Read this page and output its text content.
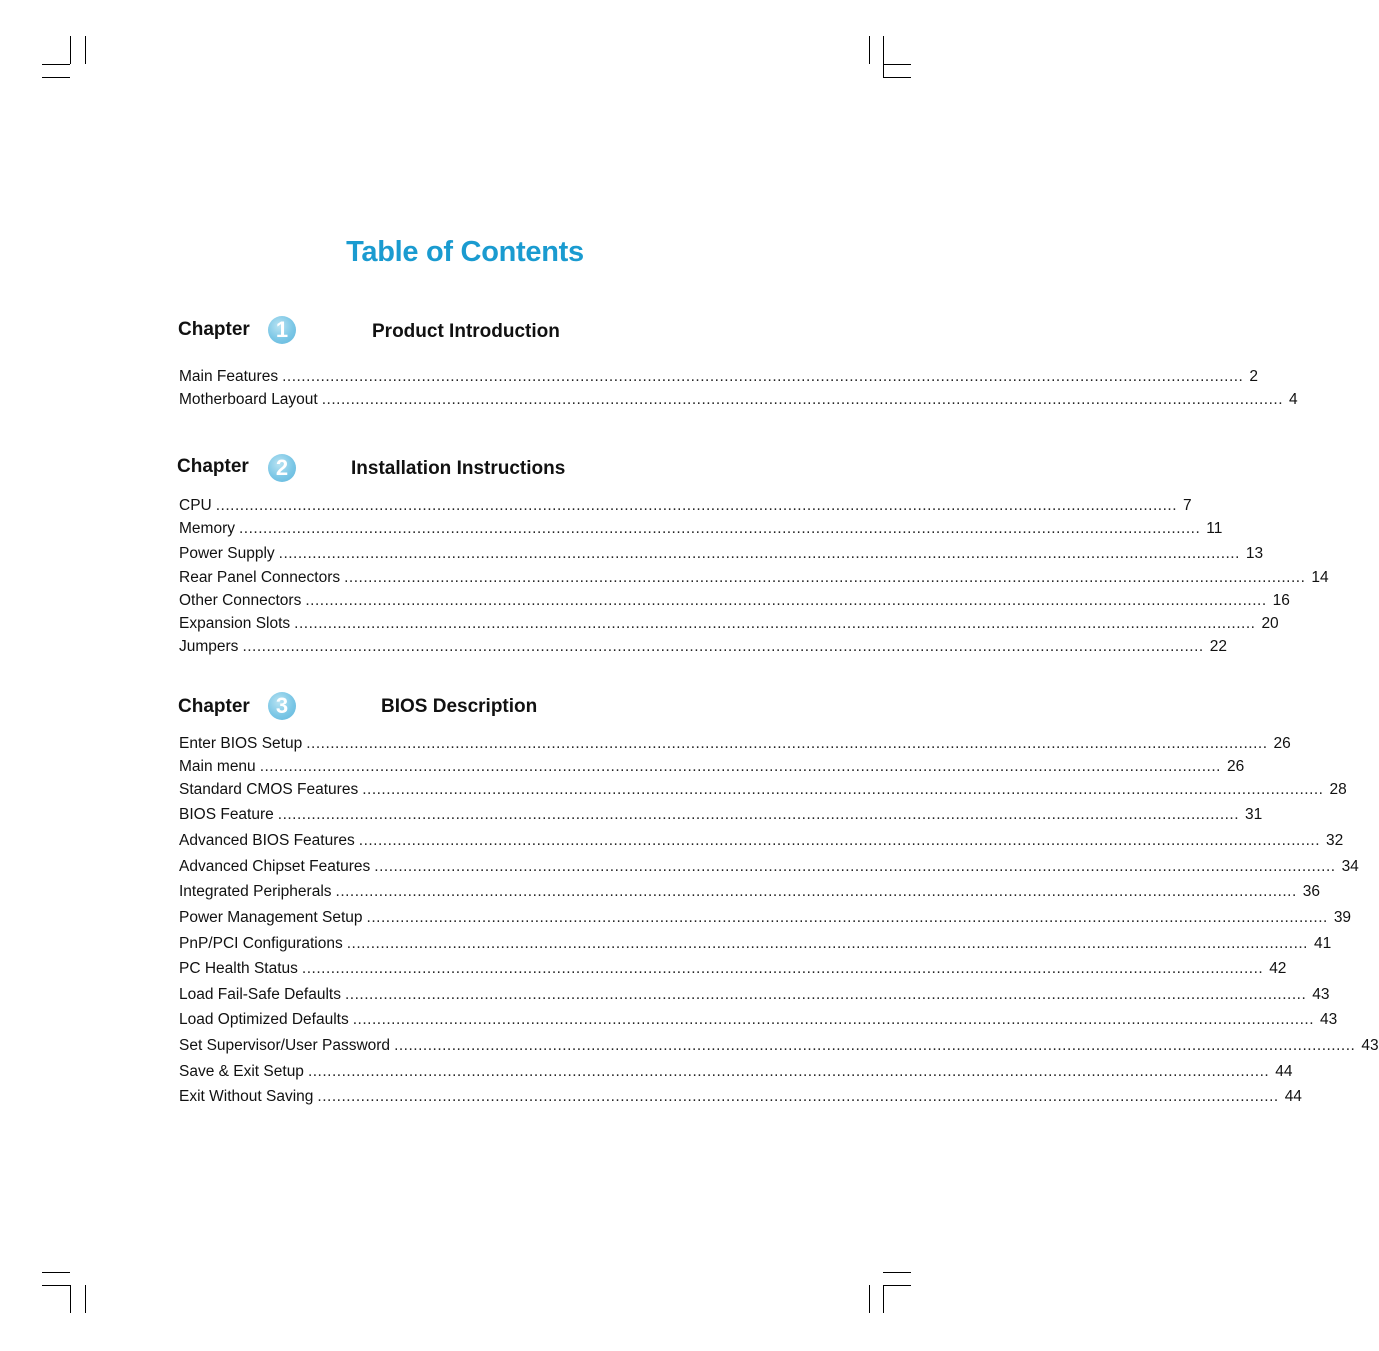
Table of Contents
Chapter	1	Product Introduction
Main Features ........................................................................................................................................................................................................ 2
Motherboard Layout ........................................................................................................................................................................................................ 4
Chapter	2	Installation Instructions
CPU ........................................................................................................................................................................................................ 7
Memory ........................................................................................................................................................................................................ 11
Power Supply ........................................................................................................................................................................................................ 13
Rear Panel Connectors ........................................................................................................................................................................................................ 14
Other Connectors ........................................................................................................................................................................................................ 16
Expansion Slots ........................................................................................................................................................................................................ 20
Jumpers ........................................................................................................................................................................................................ 22
Chapter	3	BIOS Description
Enter BIOS Setup ........................................................................................................................................................................................................ 26
Main menu ........................................................................................................................................................................................................ 26
Standard CMOS Features ........................................................................................................................................................................................................ 28
BIOS Feature ........................................................................................................................................................................................................ 31
Advanced BIOS Features ........................................................................................................................................................................................................ 32
Advanced Chipset Features ........................................................................................................................................................................................................ 34
Integrated Peripherals ........................................................................................................................................................................................................ 36
Power Management Setup ........................................................................................................................................................................................................ 39
PnP/PCI Configurations ........................................................................................................................................................................................................ 41
PC Health Status ........................................................................................................................................................................................................ 42
Load Fail-Safe Defaults ........................................................................................................................................................................................................ 43
Load Optimized Defaults ........................................................................................................................................................................................................ 43
Set Supervisor/User Password ........................................................................................................................................................................................................ 43
Save & Exit Setup ........................................................................................................................................................................................................ 44
Exit Without Saving ........................................................................................................................................................................................................ 44
